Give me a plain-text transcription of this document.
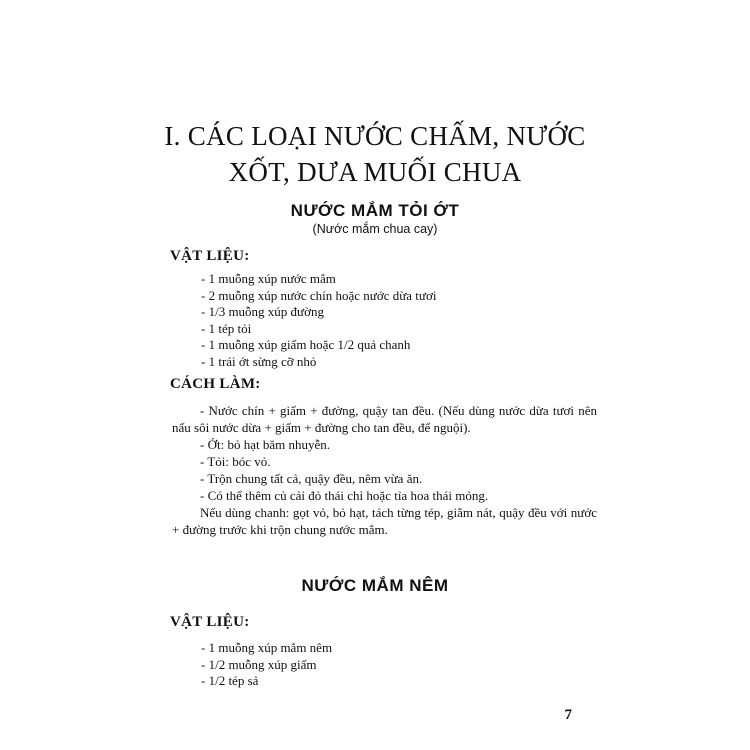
I. CÁC LOẠI NƯỚC CHẤM, NƯỚC
XỐT, DƯA MUỐI CHUA
NƯỚC MẮM TỎI ỚT
(Nước mắm chua cay)
VẬT LIỆU:
- 1 muỗng xúp nước mắm
- 2 muỗng xúp nước chín hoặc nước dừa tươi
- 1/3 muỗng xúp đường
- 1 tép tỏi
- 1 muỗng xúp giấm hoặc 1/2 quả chanh
- 1 trái ớt sừng cỡ nhỏ
CÁCH LÀM:

- Nước chín + giấm + đường, quậy tan đều. (Nếu dùng nước dừa tươi nên nấu sôi nước dừa + giấm + đường cho tan đều, để nguội).

- Ớt: bỏ hạt băm nhuyễn.

- Tỏi: bóc vỏ.

- Trộn chung tất cả, quậy đều, nêm vừa ăn.

- Có thể thêm củ cải đỏ thái chỉ hoặc tỉa hoa thái mỏng.

Nếu dùng chanh: gọt vỏ, bỏ hạt, tách từng tép, giằm nát, quậy đều với nước + đường trước khi trộn chung nước mắm.

NƯỚC MẮM NÊM
VẬT LIỆU:
- 1 muỗng xúp mắm nêm
- 1/2 muỗng xúp giấm
- 1/2 tép sả
7
